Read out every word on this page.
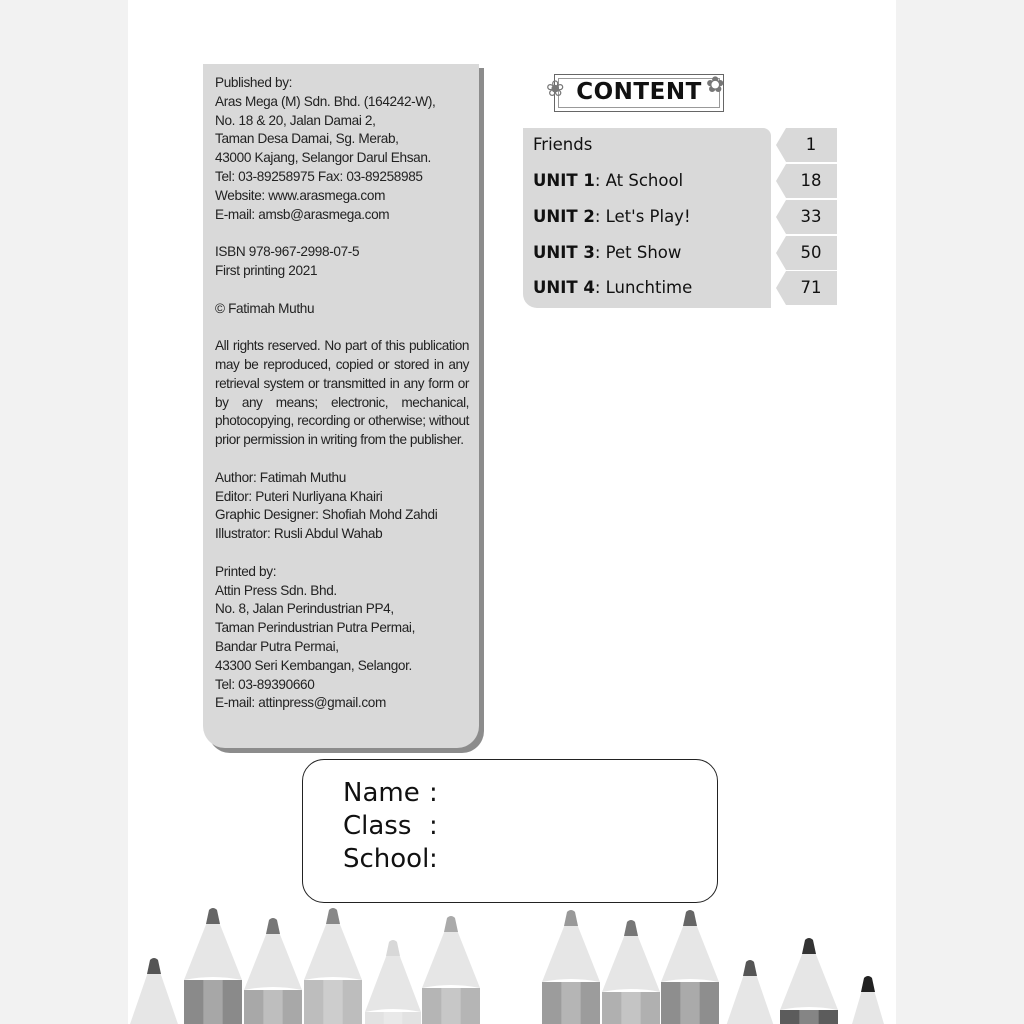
Published by:
Aras Mega (M) Sdn. Bhd. (164242-W),
No. 18 & 20, Jalan Damai 2,
Taman Desa Damai, Sg. Merab,
43000 Kajang, Selangor Darul Ehsan.
Tel: 03-89258975 Fax: 03-89258985
Website: www.arasmega.com
E-mail: amsb@arasmega.com
ISBN 978-967-2998-07-5
First printing 2021
© Fatimah Muthu
All rights reserved. No part of this publication may be reproduced, copied or stored in any retrieval system or transmitted in any form or by any means; electronic, mechanical, photocopying, recording or otherwise; without prior permission in writing from the publisher.
Author: Fatimah Muthu
Editor: Puteri Nurliyana Khairi
Graphic Designer: Shofiah Mohd Zahdi
Illustrator: Rusli Abdul Wahab
Printed by:
Attin Press Sdn. Bhd.
No. 8, Jalan Perindustrian PP4,
Taman Perindustrian Putra Permai,
Bandar Putra Permai,
43300 Seri Kembangan, Selangor.
Tel: 03-89390660
E-mail: attinpress@gmail.com
❀	✿
CONTENT
Friends	1
UNIT 1: At School	18
UNIT 2: Let's Play!	33
UNIT 3: Pet Show	50
UNIT 4: Lunchtime	71
Name :
Class :
School:
